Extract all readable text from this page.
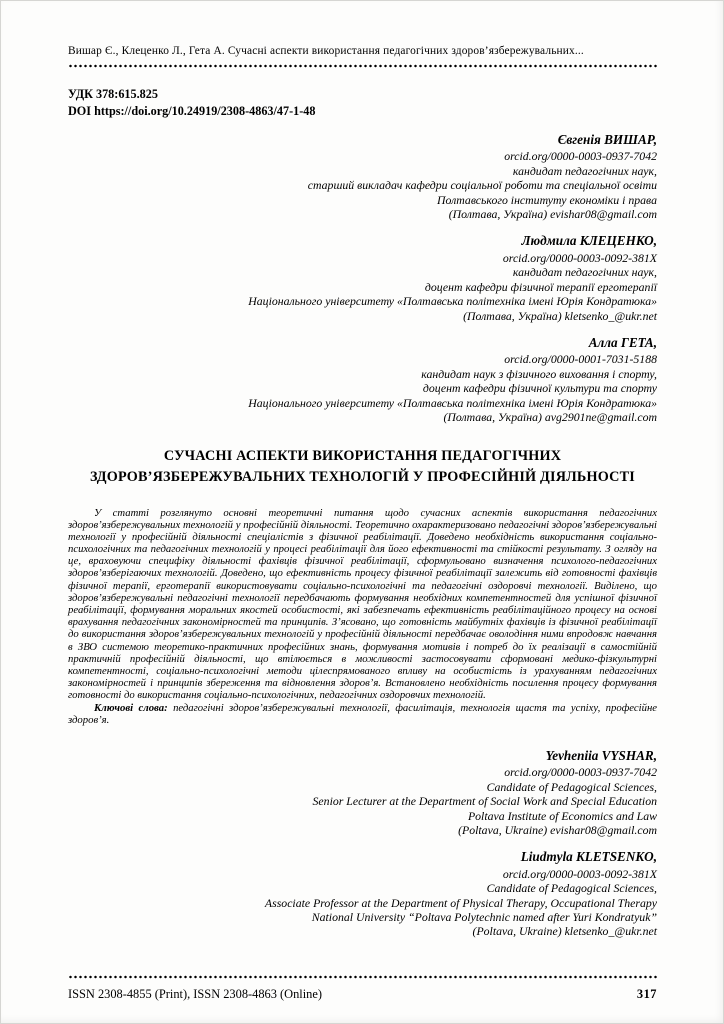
Вишар Є., Клеценко Л., Гета А. Сучасні аспекти використання педагогічних здоров’язбережувальних...
УДК 378:615.825
DOI https://doi.org/10.24919/2308-4863/47-1-48
Євгенія ВИШАР,
orcid.org/0000-0003-0937-7042
кандидат педагогічних наук,
старший викладач кафедри соціальної роботи та спеціальної освіти
Полтавського інституту економіки і права
(Полтава, Україна) evishar08@gmail.com
Людмила КЛЕЦЕНКО,
orcid.org/0000-0003-0092-381X
кандидат педагогічних наук,
доцент кафедри фізичної терапії ерготерапії
Національного університету «Полтавська політехніка імені Юрія Кондратюка»
(Полтава, Україна) kletsenko_@ukr.net
Алла ГЕТА,
orcid.org/0000-0001-7031-5188
кандидат наук з фізичного виховання і спорту,
доцент кафедри фізичної культури та спорту
Національного університету «Полтавська політехніка імені Юрія Кондратюка»
(Полтава, Україна) avg2901ne@gmail.com
СУЧАСНІ АСПЕКТИ ВИКОРИСТАННЯ ПЕДАГОГІЧНИХ
ЗДОРОВ’ЯЗБЕРЕЖУВАЛЬНИХ ТЕХНОЛОГІЙ У ПРОФЕСІЙНІЙ ДІЯЛЬНОСТІ

У статті розглянуто основні теоретичні питання щодо сучасних аспектів використання педагогічних здоров’язбережувальних технологій у професійній діяльності. Теоретично охарактеризовано педагогічні здоров’язбережувальні технології у професійній діяльності спеціалістів з фізичної реабілітації. Доведено необхідність використання соціально-психологічних та педагогічних технологій у процесі реабілітації для його ефективності та стійкості результату. З огляду на це, враховуючи специфіку діяльності фахівців фізичної реабілітації, сформульовано визначення психолого-педагогічних здоров’язберігаючих технологій. Доведено, що ефективність процесу фізичної реабілітації залежить від готовності фахівців фізичної терапії, ерготерапії використовувати соціально-психологічні та педагогічні оздоровчі технології. Виділено, що здоров’язбережувальні педагогічні технології передбачають формування необхідних компетентностей для успішної фізичної реабілітації, формування моральних якостей особистості, які забезпечать ефективність реабілітаційного процесу на основі врахування педагогічних закономірностей та принципів. З’ясовано, що готовність майбутніх фахівців із фізичної реабілітації до використання здоров’язбережувальних технологій у професійній діяльності передбачає оволодіння ними впродовж навчання в ЗВО системою теоретико-практичних професійних знань, формування мотивів і потреб до їх реалізації в самостійній практичній професійній діяльності, що втілюється в можливості застосовувати сформовані медико-фізкультурні компетентності, соціально-психологічні методи цілеспрямованого впливу на особистість із урахуванням педагогічних закономірностей і принципів збереження та відновлення здоров’я. Встановлено необхідність посилення процесу формування готовності до використання соціально-психологічних, педагогічних оздоровчих технологій.

Ключові слова: педагогічні здоров’язбережувальні технології, фасилітація, технологія щастя та успіху, професійне здоров’я.

Yevheniia VYSHAR,
orcid.org/0000-0003-0937-7042
Candidate of Pedagogical Sciences,
Senior Lecturer at the Department of Social Work and Special Education
Poltava Institute of Economics and Law
(Poltava, Ukraine) evishar08@gmail.com
Liudmyla KLETSENKO,
orcid.org/0000-0003-0092-381X
Candidate of Pedagogical Sciences,
Associate Professor at the Department of Physical Therapy, Occupational Therapy
National University “Poltava Polytechnic named after Yuri Kondratyuk”
(Poltava, Ukraine) kletsenko_@ukr.net
ISSN 2308-4855 (Print), ISSN 2308-4863 (Online)	317
